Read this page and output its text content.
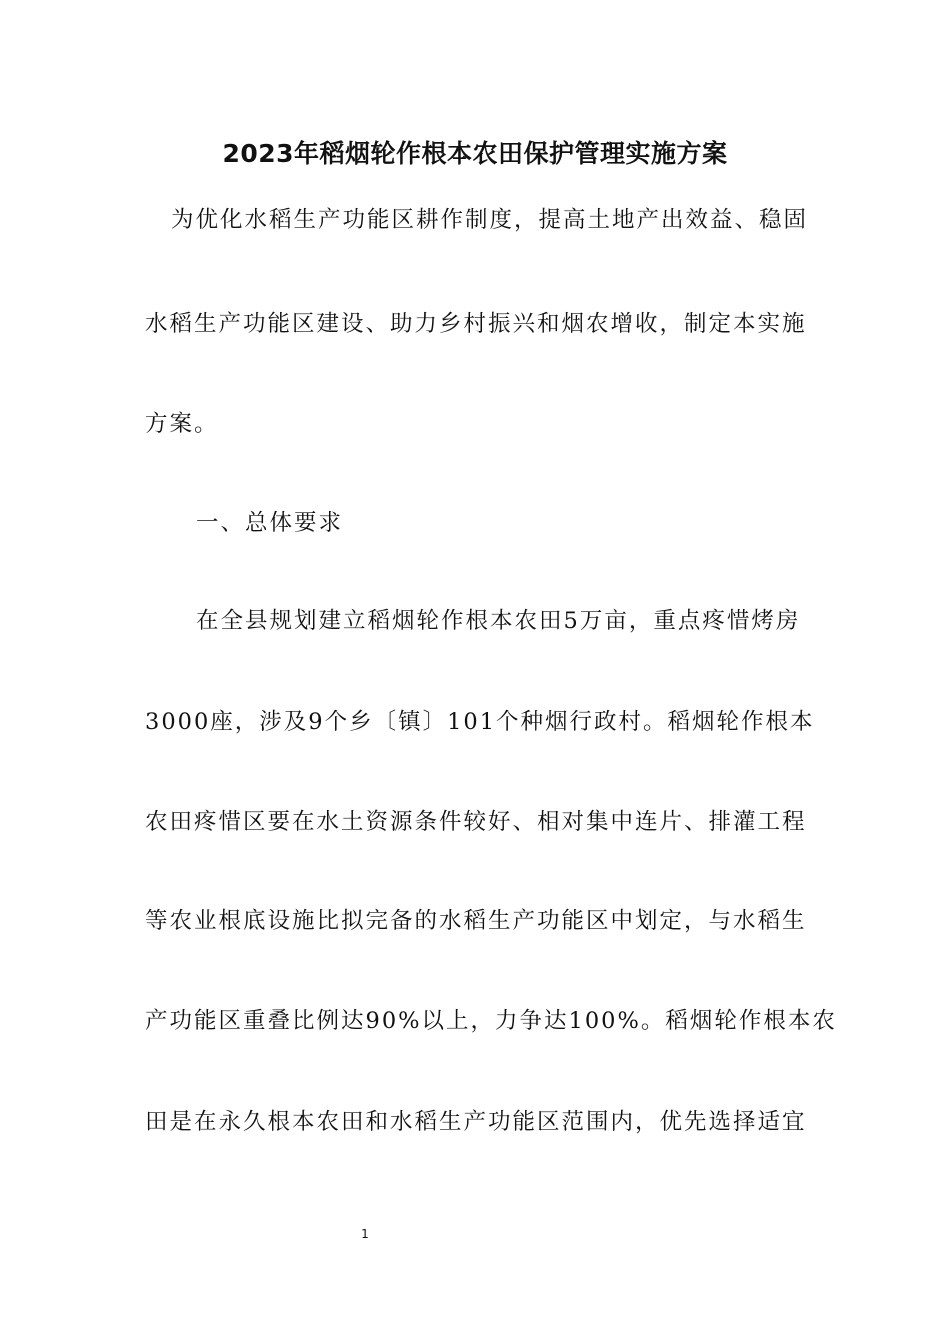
2023年稻烟轮作根本农田保护管理实施方案
为优化水稻生产功能区耕作制度，提高土地产出效益、稳固
水稻生产功能区建设、助力乡村振兴和烟农增收，制定本实施
方案。
一、总体要求
在全县规划建立稻烟轮作根本农田5万亩，重点疼惜烤房
3000座，涉及9个乡〔镇〕101个种烟行政村。稻烟轮作根本
农田疼惜区要在水土资源条件较好、相对集中连片、排灌工程
等农业根底设施比拟完备的水稻生产功能区中划定，与水稻生
产功能区重叠比例达90%以上，力争达100%。稻烟轮作根本农
田是在永久根本农田和水稻生产功能区范围内，优先选择适宜
1
